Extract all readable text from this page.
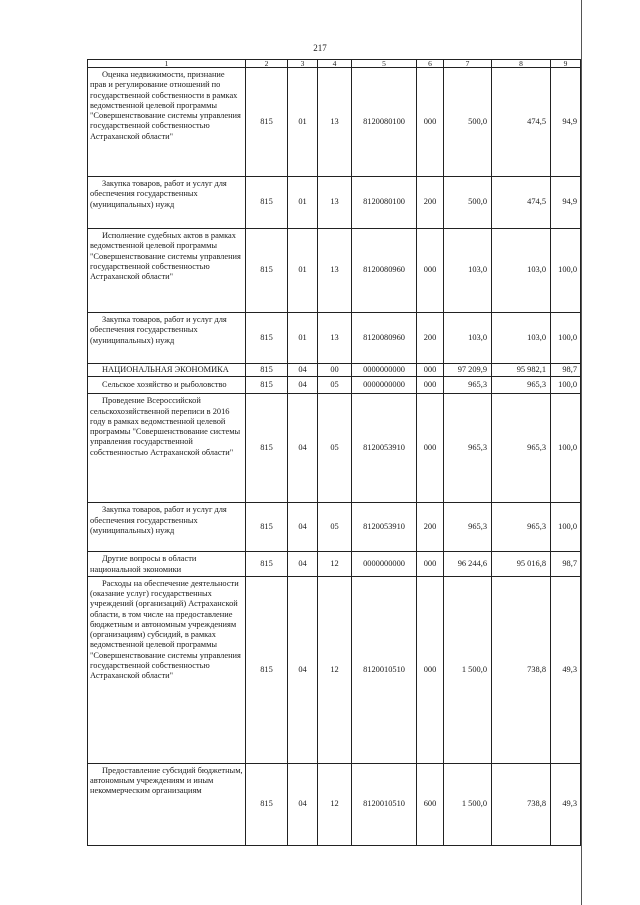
217
1	2	3	4	5	6	7	8	9
Оценка недвижимости, признание прав и регулирование отношений по государственной собственности в рамках ведомственной целевой программы "Совершенствование системы управления государственной собственностью Астраханской области"	815	01	13	8120080100	000	500,0	474,5	94,9
Закупка товаров, работ и услуг для обеспечения государственных (муниципальных) нужд	815	01	13	8120080100	200	500,0	474,5	94,9
Исполнение судебных актов в рамках ведомственной целевой программы "Совершенствование системы управления государственной собственностью Астраханской области"	815	01	13	8120080960	000	103,0	103,0	100,0
Закупка товаров, работ и услуг для обеспечения государственных (муниципальных) нужд	815	01	13	8120080960	200	103,0	103,0	100,0
НАЦИОНАЛЬНАЯ ЭКОНОМИКА	815	04	00	0000000000	000	97 209,9	95 982,1	98,7
Сельское хозяйство и рыболовство	815	04	05	0000000000	000	965,3	965,3	100,0
Проведение Всероссийской сельскохозяйственной переписи в 2016 году в рамках ведомственной целевой программы "Совершенствование системы управления государственной собственностью Астраханской области"	815	04	05	8120053910	000	965,3	965,3	100,0
Закупка товаров, работ и услуг для обеспечения государственных (муниципальных) нужд	815	04	05	8120053910	200	965,3	965,3	100,0
Другие вопросы в области национальной экономики	815	04	12	0000000000	000	96 244,6	95 016,8	98,7
Расходы на обеспечение деятельности (оказание услуг) государственных учреждений (организаций) Астраханской области, в том числе на предоставление бюджетным и автономным учреждениям (организациям) субсидий, в рамках ведомственной целевой программы "Совершенствование системы управления государственной собственностью Астраханской области"	815	04	12	8120010510	000	1 500,0	738,8	49,3
Предоставление субсидий бюджетным, автономным учреждениям и иным некоммерческим организациям	815	04	12	8120010510	600	1 500,0	738,8	49,3
